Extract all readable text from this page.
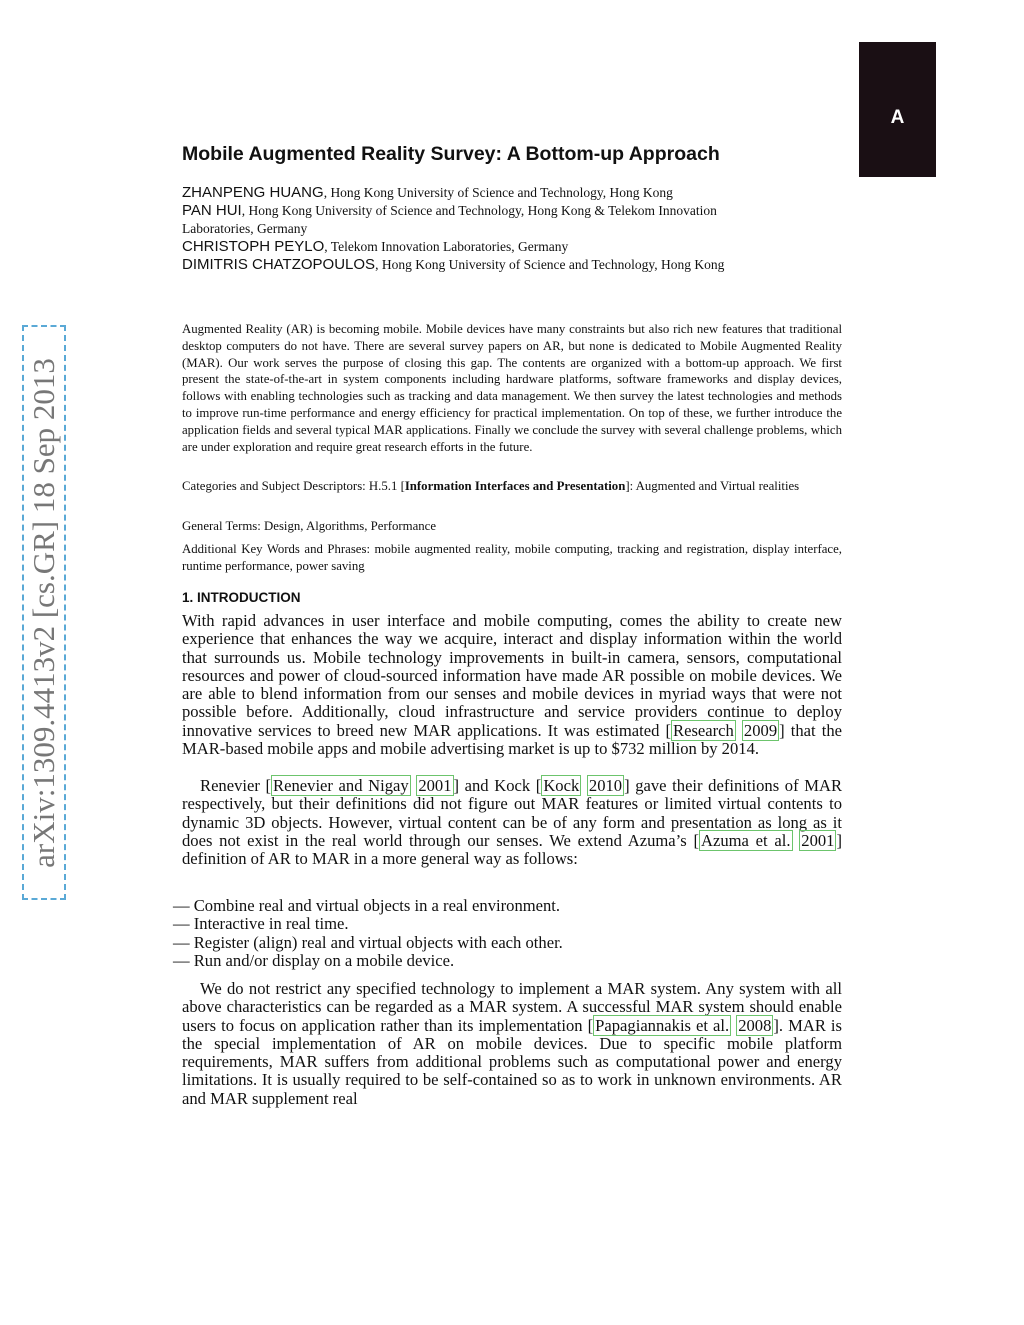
A
arXiv:1309.4413v2 [cs.GR] 18 Sep 2013
Mobile Augmented Reality Survey: A Bottom-up Approach
ZHANPENG HUANG, Hong Kong University of Science and Technology, Hong Kong
PAN HUI, Hong Kong University of Science and Technology, Hong Kong & Telekom Innovation
Laboratories, Germany
CHRISTOPH PEYLO, Telekom Innovation Laboratories, Germany
DIMITRIS CHATZOPOULOS, Hong Kong University of Science and Technology, Hong Kong
Augmented Reality (AR) is becoming mobile. Mobile devices have many constraints but also rich new features that traditional desktop computers do not have. There are several survey papers on AR, but none is dedicated to Mobile Augmented Reality (MAR). Our work serves the purpose of closing this gap. The contents are organized with a bottom-up approach. We first present the state-of-the-art in system components including hardware platforms, software frameworks and display devices, follows with enabling technologies such as tracking and data management. We then survey the latest technologies and methods to improve run-time performance and energy efficiency for practical implementation. On top of these, we further introduce the application fields and several typical MAR applications. Finally we conclude the survey with several challenge problems, which are under exploration and require great research efforts in the future.
Categories and Subject Descriptors: H.5.1 [Information Interfaces and Presentation]: Augmented and Virtual realities
General Terms: Design, Algorithms, Performance
Additional Key Words and Phrases: mobile augmented reality, mobile computing, tracking and registration, display interface, runtime performance, power saving
1. INTRODUCTION
With rapid advances in user interface and mobile computing, comes the ability to create new experience that enhances the way we acquire, interact and display information within the world that surrounds us. Mobile technology improvements in built-in camera, sensors, computational resources and power of cloud-sourced information have made AR possible on mobile devices. We are able to blend information from our senses and mobile devices in myriad ways that were not possible before. Additionally, cloud infrastructure and service providers continue to deploy innovative services to breed new MAR applications. It was estimated [ Research 2009 ] that the MAR-based mobile apps and mobile advertising market is up to $732 million by 2014.
Renevier [ Renevier and Nigay 2001 ] and Kock [ Kock 2010 ] gave their definitions of MAR respectively, but their definitions did not figure out MAR features or limited virtual contents to dynamic 3D objects. However, virtual content can be of any form and presentation as long as it does not exist in the real world through our senses. We extend Azuma’s [ Azuma et al. 2001 ] definition of AR to MAR in a more general way as follows:
— Combine real and virtual objects in a real environment.
— Interactive in real time.
— Register (align) real and virtual objects with each other.
— Run and/or display on a mobile device.
We do not restrict any specified technology to implement a MAR system. Any system with all above characteristics can be regarded as a MAR system. A successful MAR system should enable users to focus on application rather than its implementation [ Papagiannakis et al. 2008 ]. MAR is the special implementation of AR on mobile devices. Due to specific mobile platform requirements, MAR suffers from additional problems such as computational power and energy limitations. It is usually required to be self-contained so as to work in unknown environments. AR and MAR supplement real
